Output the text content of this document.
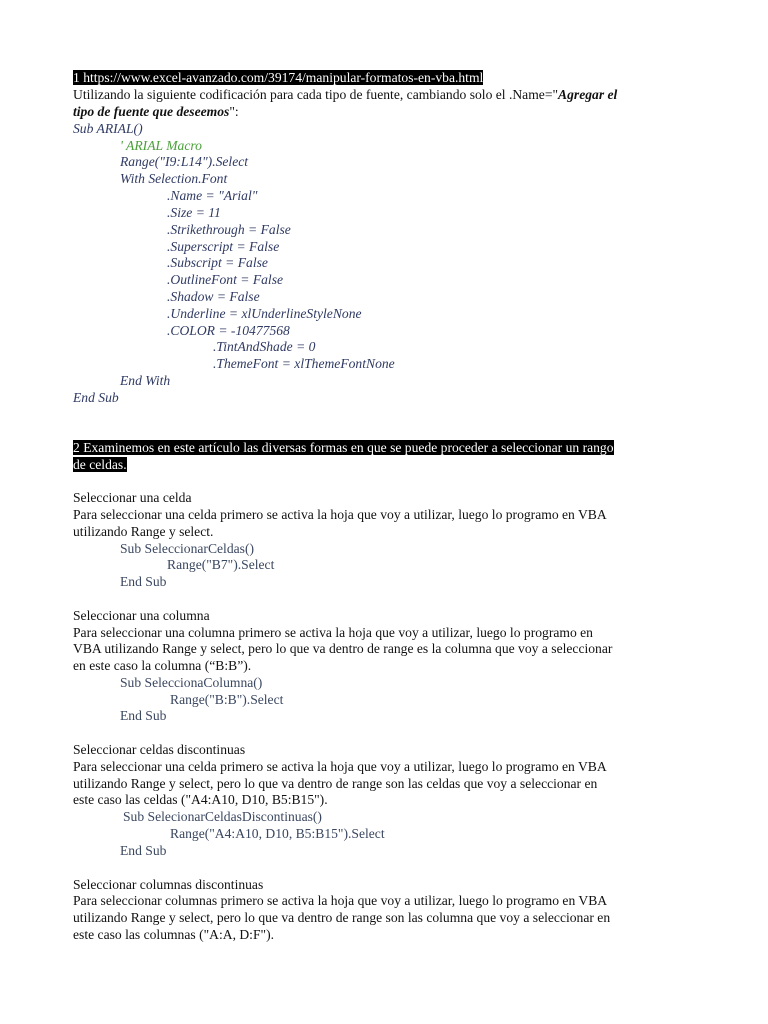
1 https://www.excel-avanzado.com/39174/manipular-formatos-en-vba.html
Utilizando la siguiente codificación para cada tipo de fuente, cambiando solo el .Name="Agregar el
tipo de fuente que deseemos":
Sub ARIAL()
' ARIAL Macro
Range("I9:L14").Select
With Selection.Font
.Name = "Arial"
.Size = 11
.Strikethrough = False
.Superscript = False
.Subscript = False
.OutlineFont = False
.Shadow = False
.Underline = xlUnderlineStyleNone
.COLOR = -10477568
.TintAndShade = 0
.ThemeFont = xlThemeFontNone
End With
End Sub
2 Examinemos en este artículo las diversas formas en que se puede proceder a seleccionar un rango
de celdas.
Seleccionar una celda
Para seleccionar una celda primero se activa la hoja que voy a utilizar, luego lo programo en VBA
utilizando Range y select.
Sub SeleccionarCeldas()
Range("B7").Select
End Sub
Seleccionar una columna
Para seleccionar una columna primero se activa la hoja que voy a utilizar, luego lo programo en
VBA utilizando Range y select, pero lo que va dentro de range es la columna que voy a seleccionar
en este caso la columna (“B:B”).
Sub SeleccionaColumna()
Range("B:B").Select
End Sub
Seleccionar celdas discontinuas
Para seleccionar una celda primero se activa la hoja que voy a utilizar, luego lo programo en VBA
utilizando Range y select, pero lo que va dentro de range son las celdas que voy a seleccionar en
este caso las celdas ("A4:A10, D10, B5:B15").
Sub SelecionarCeldasDiscontinuas()
Range("A4:A10, D10, B5:B15").Select
End Sub
Seleccionar columnas discontinuas
Para seleccionar columnas primero se activa la hoja que voy a utilizar, luego lo programo en VBA
utilizando Range y select, pero lo que va dentro de range son las columna que voy a seleccionar en
este caso las columnas ("A:A, D:F").
